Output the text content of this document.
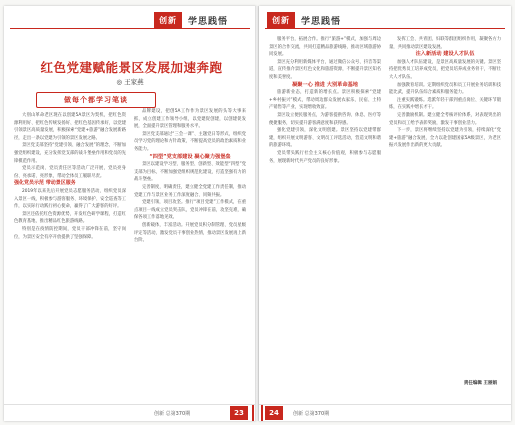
创新	学思践悟
红色党建赋能景区发展加速奔跑
◎ 王家燕
做每个都学习笔谈

大别山革命老区现在以创建5A景区为契机，把红色资源利用好、把红色传统发扬好、把红色基因传承好，以党建引领景区高质量发展，积极探索“党建+旅游”融合发展新路径，走出一条以党建为引领的景区发展之路。

景区党支部坚持“党建引领、融合发展”的理念，不断加强党组织建设，充分发挥党支部的战斗堡垒作用和党员的先锋模范作用。

党员示范岗、党员责任区等活动广泛开展，党员亮身份、亮承诺、亮形象，带动全体员工履职尽责。

强化党员示范 带动景区服务

2019年以来先后开展党员志愿服务活动，组织党员深入景区一线，积极参与游客服务、环境保护、安全巡查等工作，以实际行动践行初心使命，赢得了广大游客的好评。

景区还依托红色资源优势，开发红色研学课程，打造红色教育基地，推出精品红色旅游线路。

特别是在疫情防控期间，党员干部冲锋在前，坚守岗位，为景区安全有序开放提供了坚强保障。

品牌建设，把创5A工作作为景区发展的头等大事来抓，成立创建工作领导小组，以党建促创建，以创建促发展，全面提升景区管理和服务水平。

景区党支部通过“三会一课”、主题党日等形式，组织党员学习党的理论和方针政策，不断提高党员的政治素质和业务能力。

“四型”党支部建设 凝心聚力强堡垒

景区以建设学习型、服务型、创新型、效能型“四型”党支部为目标，不断加强党组织规范化建设，打造坚强有力的战斗堡垒。

完善制度，明确责任，建立健全党建工作责任制，推动党建工作与景区业务工作深度融合、同频共振。

党建引领，项目攻坚。推行“项目党建”工作模式，在重点项目一线成立党员突击队，党员冲锋在前，攻坚克难，确保各项工作落地见效。

创新载体，丰富活动。开展党员积分制管理、党员星级评定等活动，激发党员干事创业热情，推动景区发展再上新台阶。

创新 总第370期	23
创新	学思践悟

服务平台，拓展合作。推行“旅游+”模式，加强与周边景区的合作交流，共同打造精品旅游线路，推动区域旅游协同发展。

景区充分利用新媒体平台，通过微信公众号、抖音等渠道，宣传推介景区红色文化和旅游资源，不断提升景区知名度和美誉度。

凝聚一心 推进 大别革命基地

旅游新业态，打造新的增长点。景区积极探索“党建+乡村振兴”模式，带动周边群众发展农家乐、民宿、土特产销售等产业，实现增收致富。

景区设立便民服务点，为游客提供咨询、休息、医疗等便捷服务，切实提升游客满意度和获得感。

强化党建引领，深化文明创建。景区坚持以党建带群建，组织开展文明游客、文明员工评选活动，营造文明和谐的旅游环境。

党员带头践行社会主义核心价值观，积极参与志愿服务，展现新时代共产党员的良好形象。

发挥工会、共青团、妇联等群团组织作用，凝聚各方力量，共同推动景区建设发展。

注入新活动 建设人才队伍

加强人才队伍建设，是景区高质量发展的关键。景区坚持把优秀员工培养成党员，把党员培养成业务骨干，不断壮大人才队伍。

加强教育培训。定期组织党员和员工开展业务培训和技能比武，提升队伍综合素质和服务能力。

注重实践锻炼。选派年轻干部到重点岗位、关键环节锻炼，在实践中增长才干。

完善激励机制。建立健全考核评价体系，对表现突出的党员和员工给予表彰奖励，激发干事创业活力。

下一步，景区将继续坚持以党建为引领，持续深化“党建+旅游”融合发展，全力以赴创建国家5A级景区，为老区振兴发展作出新的更大贡献。

责任编辑 王丽娟
24	创新 总第370期
